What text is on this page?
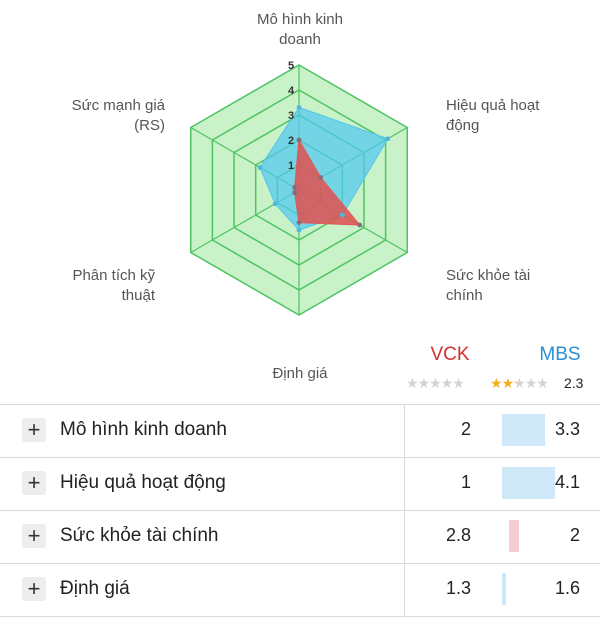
1
2
3
4
5
Mô hình kinh
doanh
Hiệu quả hoạt
động
Sức khỏe tài
chính
Định giá
Phân tích kỹ
thuật
Sức mạnh giá
(RS)
VCK	MBS
★★★★★ ★★★★★ 2.3
+ Mô hình kinh doanh	2	3.3
+ Hiệu quả hoạt động	1	4.1
+ Sức khỏe tài chính	2.8	2
+ Định giá	1.3	1.6
